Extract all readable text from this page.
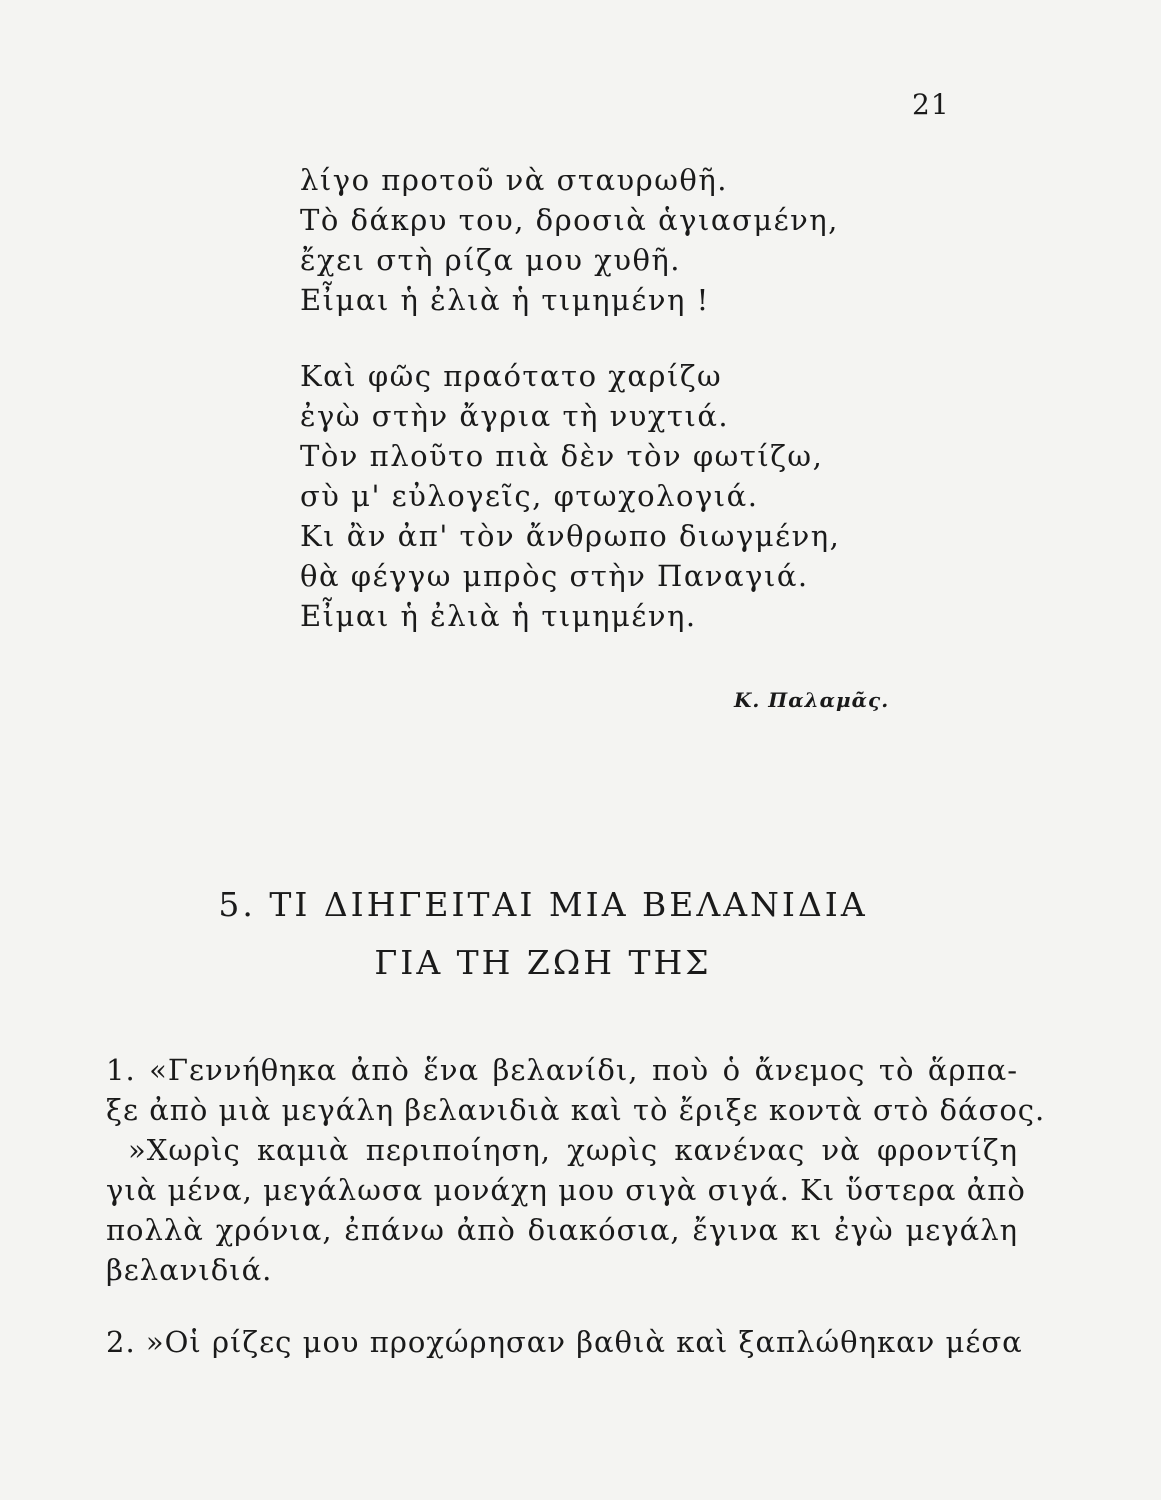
21
λίγο προτοῦ νὰ σταυρωθῆ.
Τὸ δάκρυ του, δροσιὰ ἁγιασμένη,
ἔχει στὴ ρίζα μου χυθῆ.
Εἶμαι ἡ ἐλιὰ ἡ τιμημένη !
Καὶ φῶς πραότατο χαρίζω
ἐγὼ στὴν ἄγρια τὴ νυχτιά.
Τὸν πλοῦτο πιὰ δὲν τὸν φωτίζω,
σὺ μ' εὐλογεῖς, φτωχολογιά.
Κι ἂν ἀπ' τὸν ἄνθρωπο διωγμένη,
θὰ φέγγω μπρὸς στὴν Παναγιά.
Εἶμαι ἡ ἐλιὰ ἡ τιμημένη.
Κ. Παλαμᾶς.
5. ΤΙ ΔΙΗΓΕΙΤΑΙ ΜΙΑ ΒΕΛΑΝΙΔΙΑ
ΓΙΑ ΤΗ ΖΩΗ ΤΗΣ
1. «Γεννήθηκα ἀπὸ ἕνα βελανίδι, ποὺ ὁ ἄνεμος τὸ ἅρπα-
ξε ἀπὸ μιὰ μεγάλη βελανιδιὰ καὶ τὸ ἔριξε κοντὰ στὸ δάσος.
»Χωρὶς καμιὰ περιποίηση, χωρὶς κανένας νὰ φροντίζη
γιὰ μένα, μεγάλωσα μονάχη μου σιγὰ σιγά. Κι ὕστερα ἀπὸ
πολλὰ χρόνια, ἐπάνω ἀπὸ διακόσια, ἔγινα κι ἐγὼ μεγάλη
βελανιδιά.
2. »Οἱ ρίζες μου προχώρησαν βαθιὰ καὶ ξαπλώθηκαν μέσα
